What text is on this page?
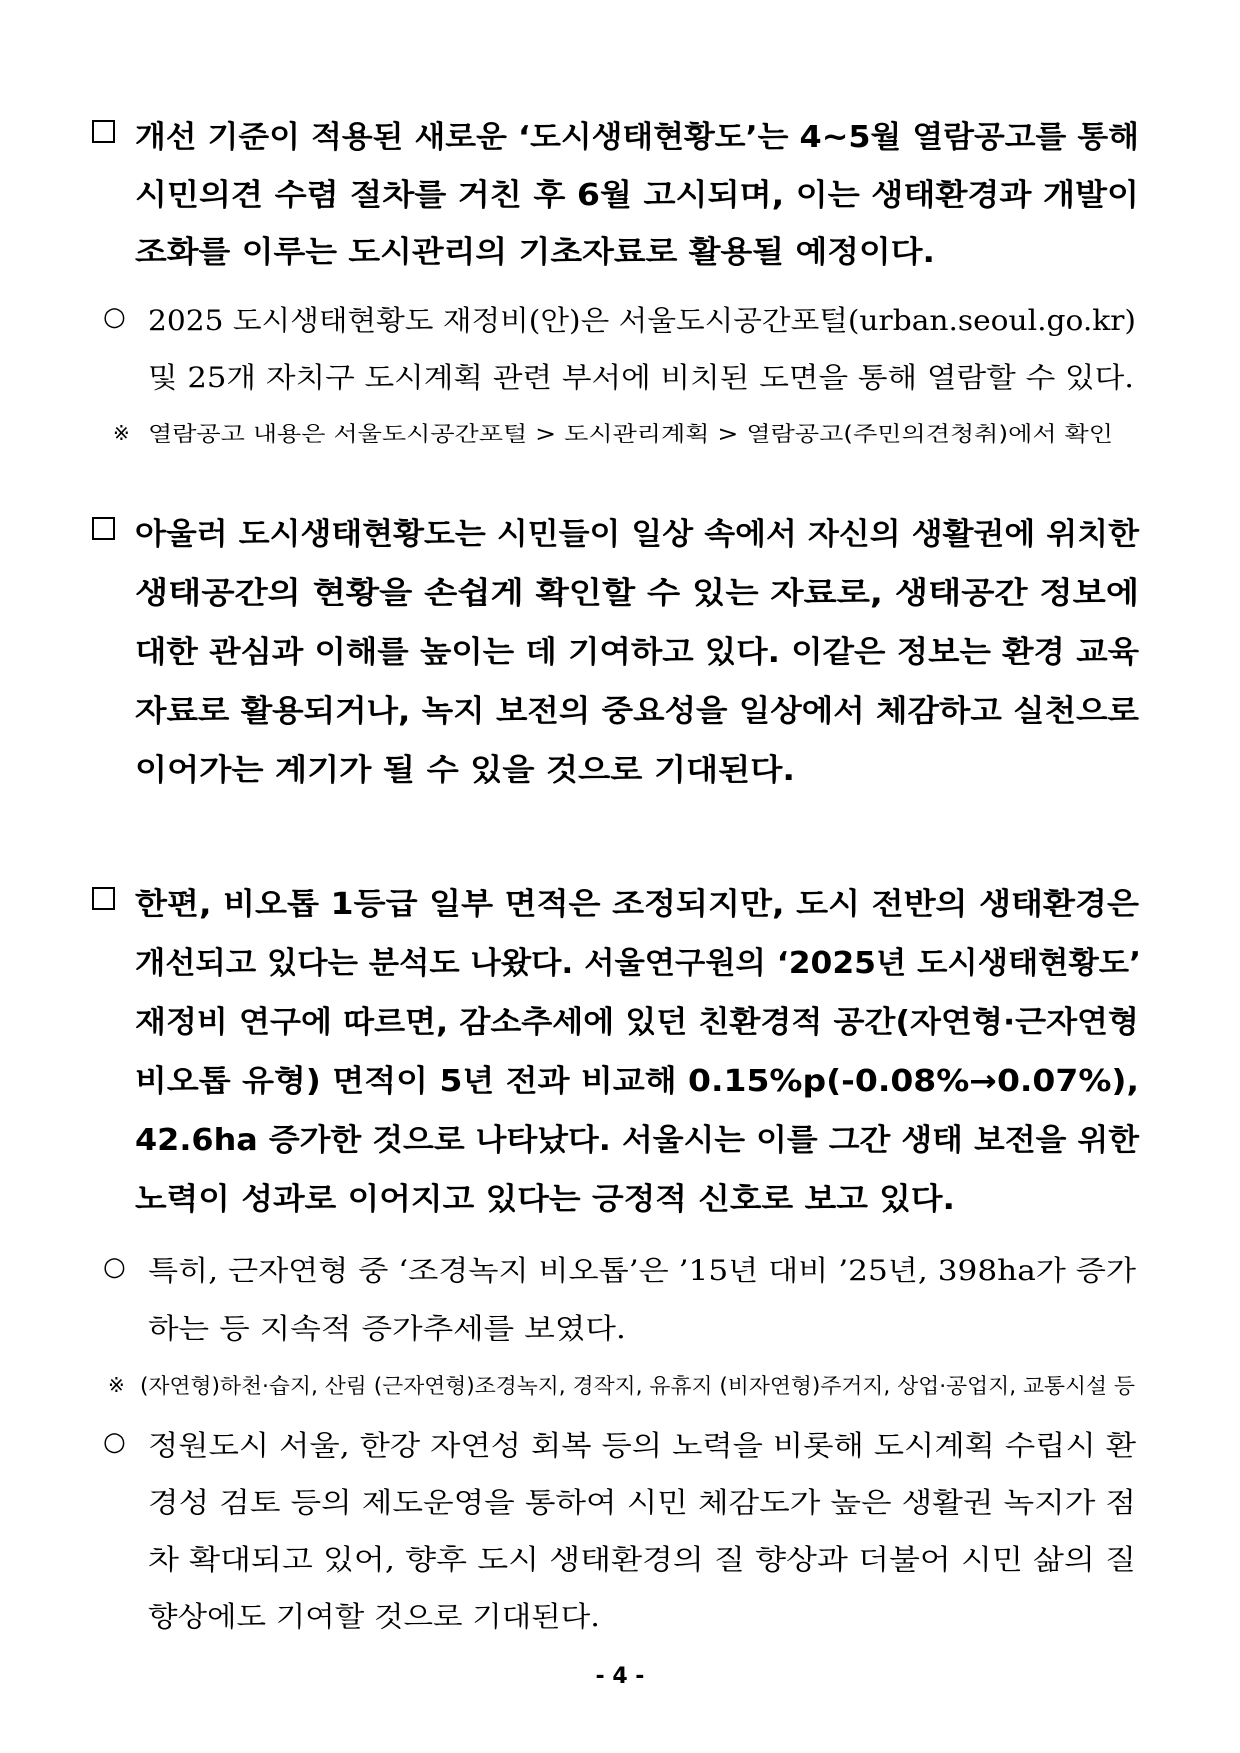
개선 기준이 적용된 새로운 ‘도시생태현황도’는 4~5월 열람공고를 통해
시민의견 수렴 절차를 거친 후 6월 고시되며, 이는 생태환경과 개발이
조화를 이루는 도시관리의 기초자료로 활용될 예정이다.
○ 2025 도시생태현황도 재정비(안)은 서울도시공간포털(urban.seoul.go.kr)
및 25개 자치구 도시계획 관련 부서에 비치된 도면을 통해 열람할 수 있다.
※ 열람공고 내용은 서울도시공간포털 > 도시관리계획 > 열람공고(주민의견청취)에서 확인
아울러 도시생태현황도는 시민들이 일상 속에서 자신의 생활권에 위치한
생태공간의 현황을 손쉽게 확인할 수 있는 자료로, 생태공간 정보에
대한 관심과 이해를 높이는 데 기여하고 있다. 이같은 정보는 환경 교육
자료로 활용되거나, 녹지 보전의 중요성을 일상에서 체감하고 실천으로
이어가는 계기가 될 수 있을 것으로 기대된다.
한편, 비오톱 1등급 일부 면적은 조정되지만, 도시 전반의 생태환경은
개선되고 있다는 분석도 나왔다. 서울연구원의 ‘2025년 도시생태현황도’
재정비 연구에 따르면, 감소추세에 있던 친환경적 공간(자연형·근자연형
비오톱 유형) 면적이 5년 전과 비교해 0.15%p(-0.08%→0.07%),
42.6ha 증가한 것으로 나타났다. 서울시는 이를 그간 생태 보전을 위한
노력이 성과로 이어지고 있다는 긍정적 신호로 보고 있다.
○ 특히, 근자연형 중 ‘조경녹지 비오톱’은 ’15년 대비 ’25년, 398ha가 증가
하는 등 지속적 증가추세를 보였다.
※ (자연형)하천·습지, 산림 (근자연형)조경녹지, 경작지, 유휴지 (비자연형)주거지, 상업·공업지, 교통시설 등
○ 정원도시 서울, 한강 자연성 회복 등의 노력을 비롯해 도시계획 수립시 환
경성 검토 등의 제도운영을 통하여 시민 체감도가 높은 생활권 녹지가 점
차 확대되고 있어, 향후 도시 생태환경의 질 향상과 더불어 시민 삶의 질
향상에도 기여할 것으로 기대된다.
- 4 -
